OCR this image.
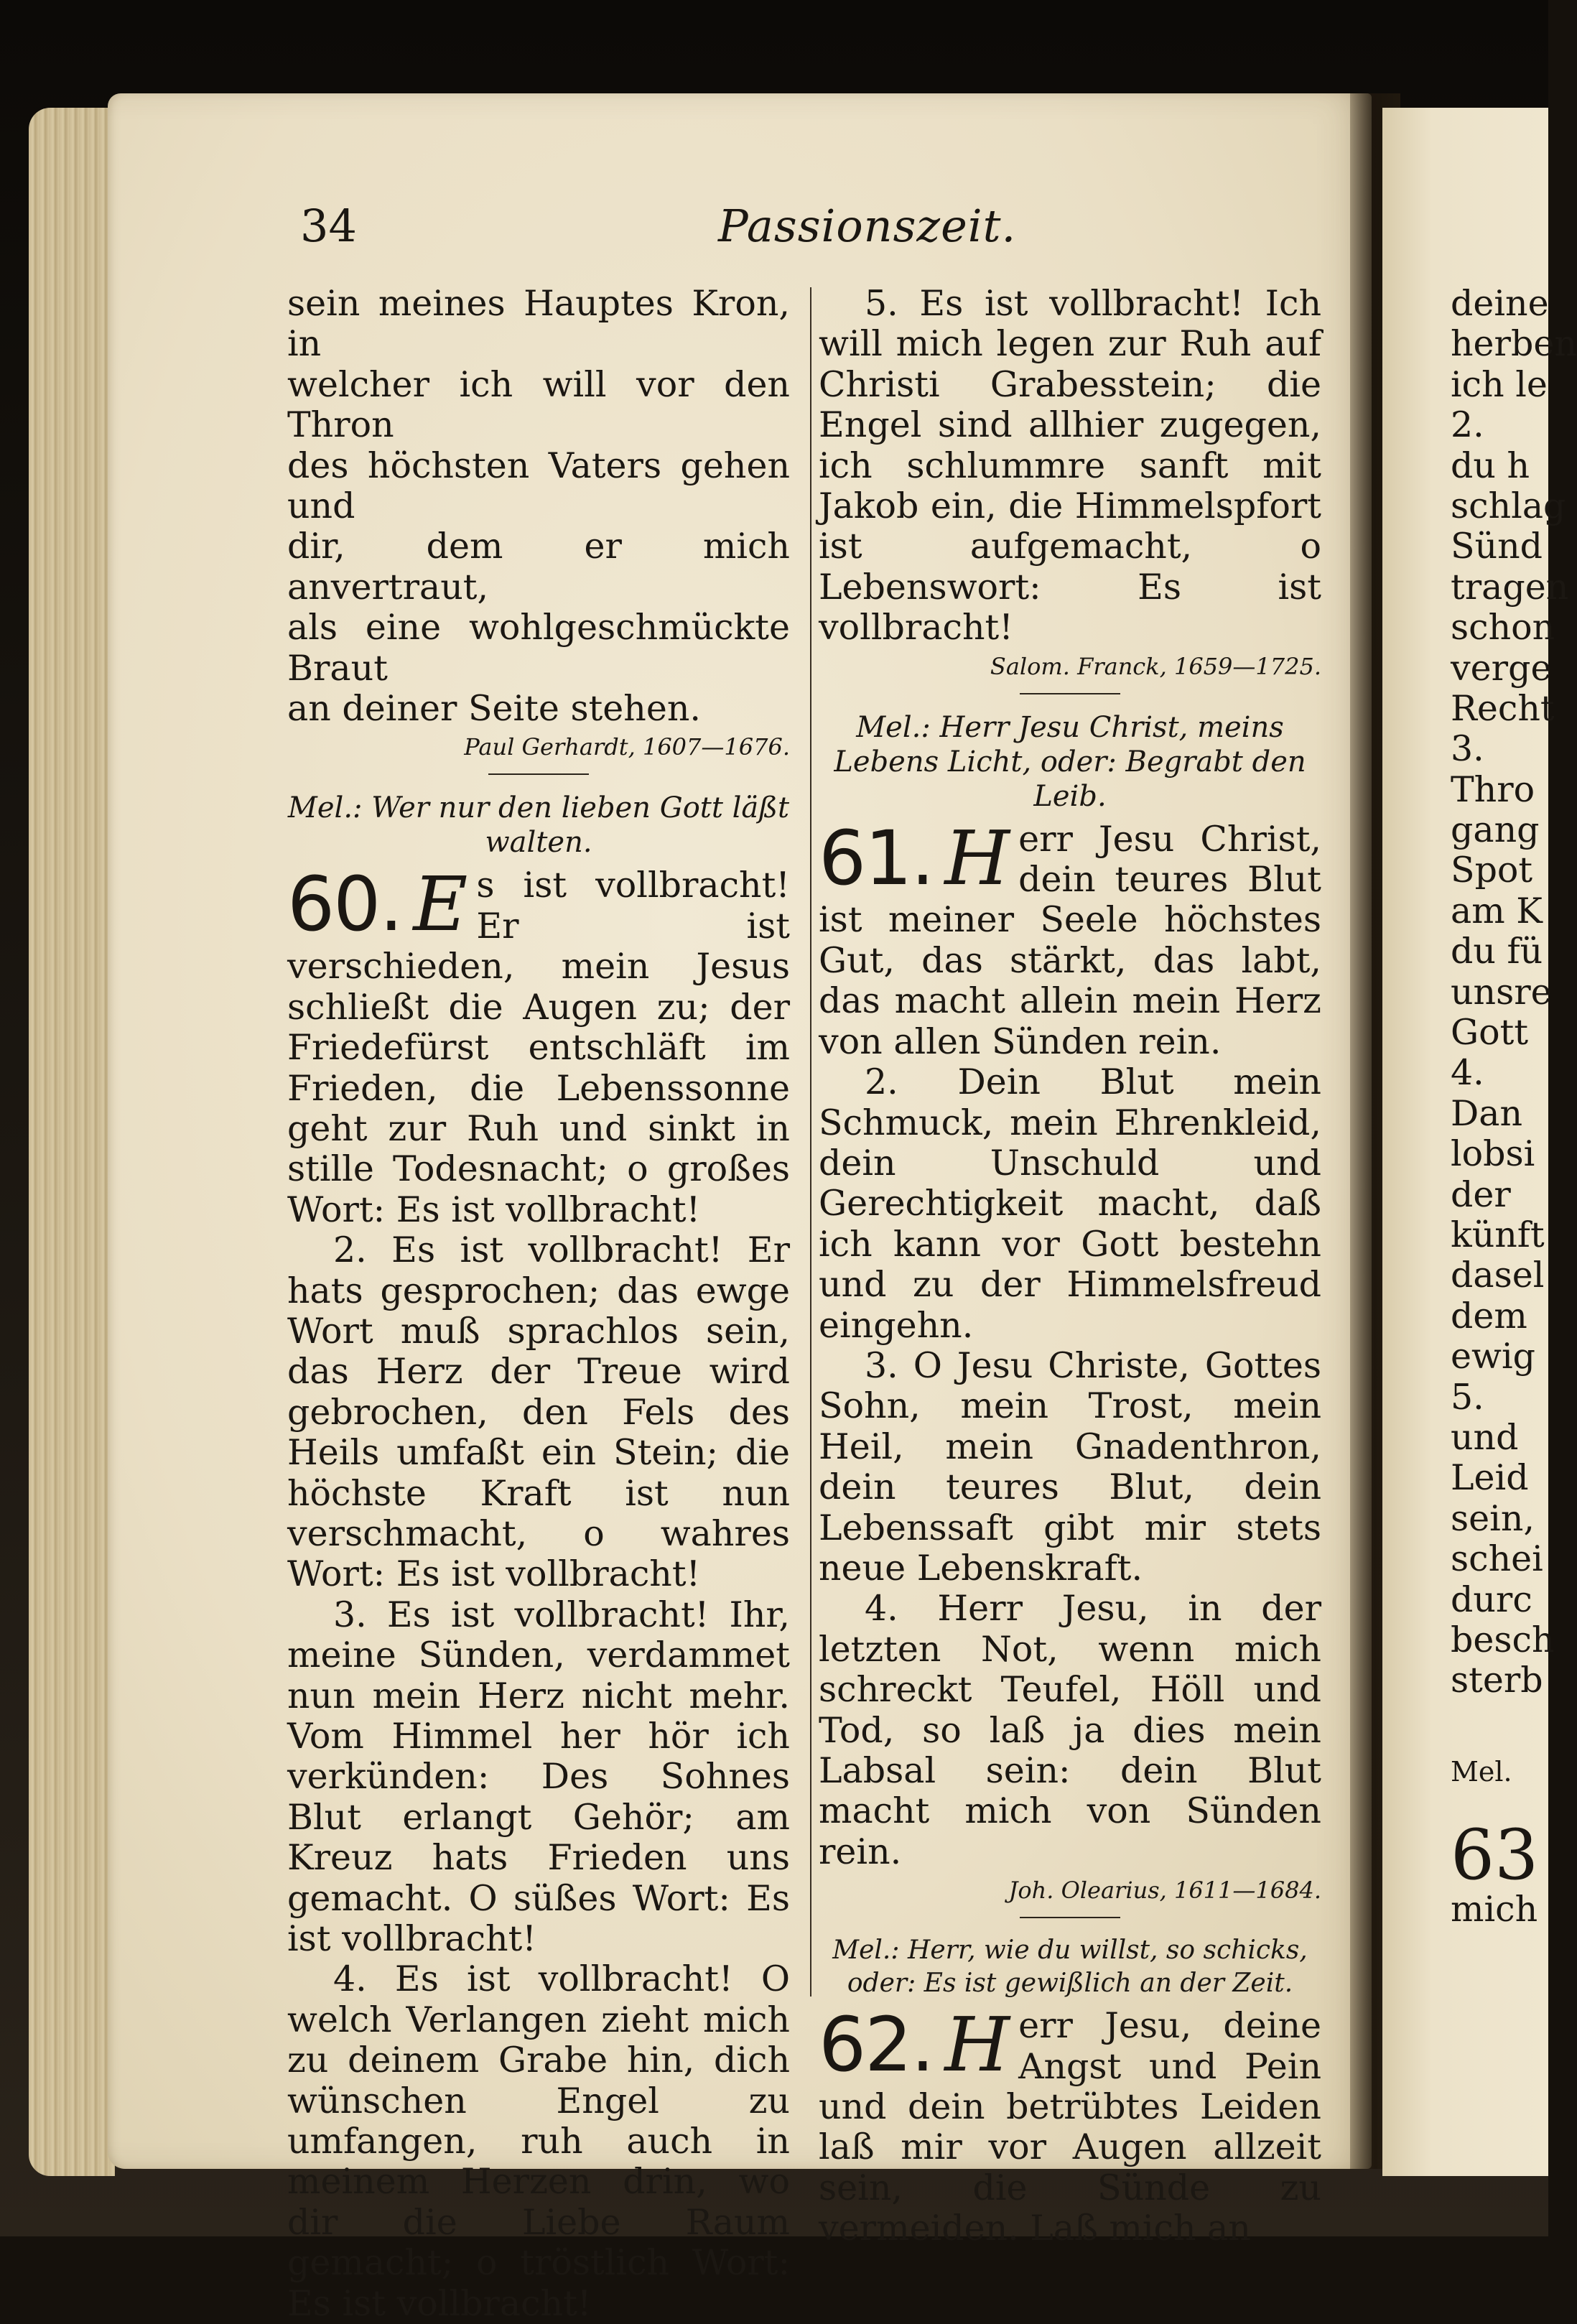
34	Passionszeit.

sein meines Hauptes Kron, in

welcher ich will vor den Thron

des höchsten Vaters gehen und

dir, dem er mich anvertraut,

als eine wohlgeschmückte Braut

an deiner Seite stehen.

Paul Gerhardt, 1607—1676.
Mel.: Wer nur den lieben Gott läßt walten.

60. E s ist vollbracht! Er ist verschieden, mein Jesus schließt die Augen zu; der Friedefürst entschläft im Frieden, die Lebenssonne geht zur Ruh und sinkt in stille Todesnacht; o großes Wort: Es ist vollbracht!

2. Es ist vollbracht! Er hats gesprochen; das ewge Wort muß sprachlos sein, das Herz der Treue wird gebrochen, den Fels des Heils umfaßt ein Stein; die höchste Kraft ist nun verschmacht, o wahres Wort: Es ist vollbracht!

3. Es ist vollbracht! Ihr, meine Sünden, verdammet nun mein Herz nicht mehr. Vom Himmel her hör ich verkünden: Des Sohnes Blut erlangt Gehör; am Kreuz hats Frieden uns gemacht. O süßes Wort: Es ist vollbracht!

4. Es ist vollbracht! O welch Verlangen zieht mich zu deinem Grabe hin, dich wünschen Engel zu umfangen, ruh auch in meinem Herzen drin, wo dir die Liebe Raum gemacht; o tröstlich Wort: Es ist vollbracht!

5. Es ist vollbracht! Ich will mich legen zur Ruh auf Christi Grabesstein; die Engel sind allhier zugegen, ich schlummre sanft mit Jakob ein, die Himmelspfort ist aufgemacht, o Lebenswort: Es ist vollbracht!

Salom. Franck, 1659—1725.
Mel.: Herr Jesu Christ, meins Lebens Licht, oder: Begrabt den Leib.

61. H err Jesu Christ, dein teures Blut ist meiner Seele höchstes Gut, das stärkt, das labt, das macht allein mein Herz von allen Sünden rein.

2. Dein Blut mein Schmuck, mein Ehrenkleid, dein Unschuld und Gerechtigkeit macht, daß ich kann vor Gott bestehn und zu der Himmelsfreud eingehn.

3. O Jesu Christe, Gottes Sohn, mein Trost, mein Heil, mein Gnadenthron, dein teures Blut, dein Lebenssaft gibt mir stets neue Lebenskraft.

4. Herr Jesu, in der letzten Not, wenn mich schreckt Teufel, Höll und Tod, so laß ja dies mein Labsal sein: dein Blut macht mich von Sünden rein.

Joh. Olearius, 1611—1684.
Mel.: Herr, wie du willst, so schicks, oder: Es ist gewißlich an der Zeit.

62. H err Jesu, deine Angst und Pein und dein betrübtes Leiden laß mir vor Augen allzeit sein, die Sünde zu vermeiden. Laß mich an

deine
herben
ich le
2.
du h
schlag
Sünd
tragen
schon
verge
Recht
3.
Thro
gang
Spot
am K
du fü
unsre
Gott
4.
Dan
lobsi
der
künft
dasel
dem
ewig
5.
und
Leid
sein,
schei
durc
besch
sterb
Mel.
63
mich
